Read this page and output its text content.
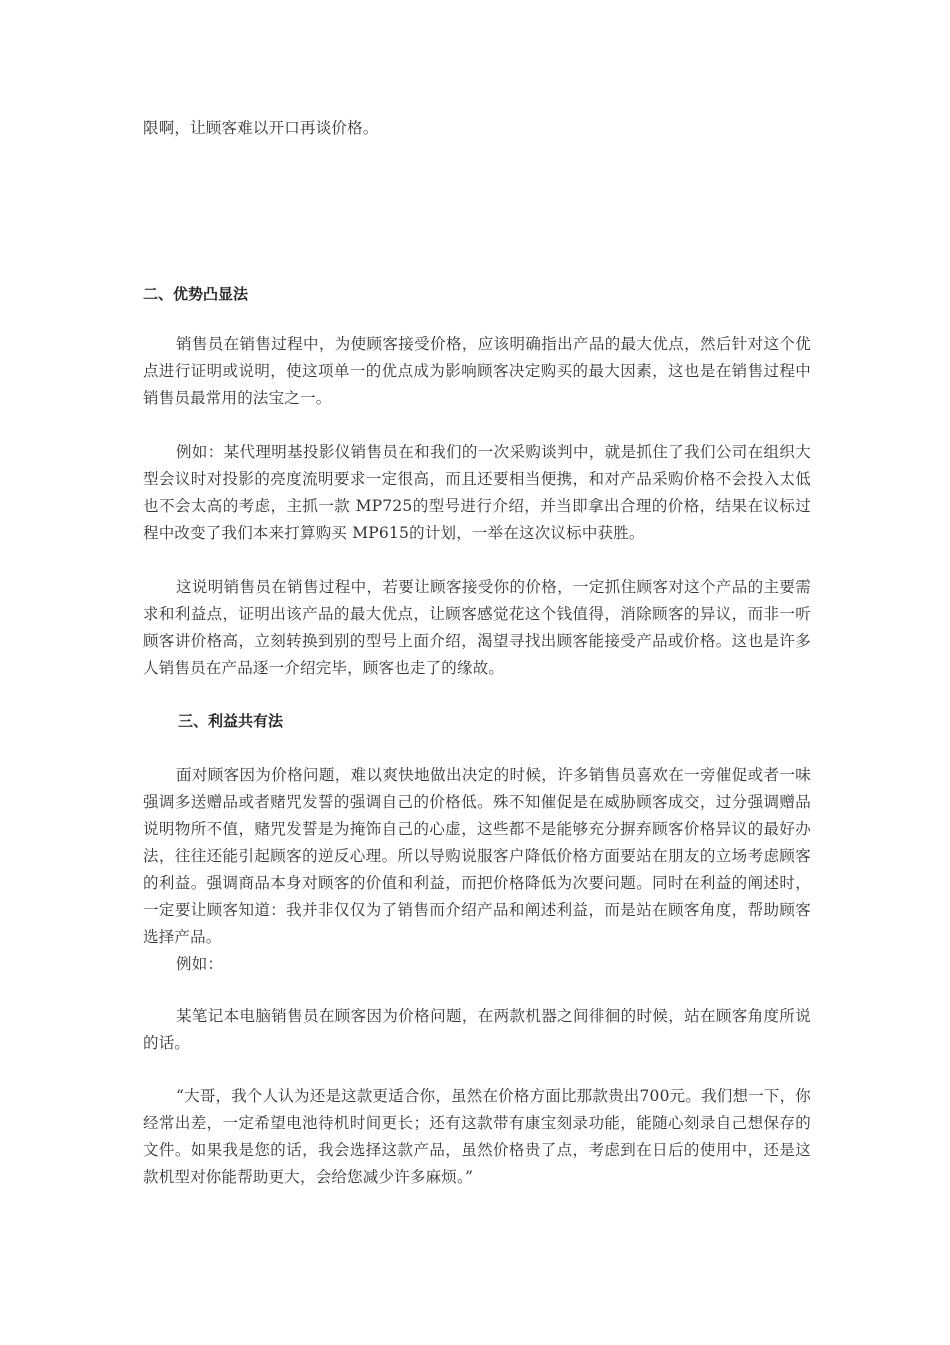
限啊，让顾客难以开口再谈价格。

二、优势凸显法

销售员在销售过程中，为使顾客接受价格，应该明确指出产品的最大优点，然后针对这个优点进行证明或说明，使这项单一的优点成为影响顾客决定购买的最大因素，这也是在销售过程中销售员最常用的法宝之一。

例如：某代理明基投影仪销售员在和我们的一次采购谈判中，就是抓住了我们公司在组织大型会议时对投影的亮度流明要求一定很高，而且还要相当便携，和对产品采购价格不会投入太低也不会太高的考虑，主抓一款 MP725的型号进行介绍，并当即拿出合理的价格，结果在议标过程中改变了我们本来打算购买 MP615的计划，一举在这次议标中获胜。

这说明销售员在销售过程中，若要让顾客接受你的价格，一定抓住顾客对这个产品的主要需求和利益点，证明出该产品的最大优点，让顾客感觉花这个钱值得，消除顾客的异议，而非一听顾客讲价格高，立刻转换到别的型号上面介绍，渴望寻找出顾客能接受产品或价格。这也是许多人销售员在产品逐一介绍完毕，顾客也走了的缘故。

三、利益共有法

面对顾客因为价格问题，难以爽快地做出决定的时候，许多销售员喜欢在一旁催促或者一味强调多送赠品或者赌咒发誓的强调自己的价格低。殊不知催促是在威胁顾客成交，过分强调赠品说明物所不值，赌咒发誓是为掩饰自己的心虚，这些都不是能够充分摒弃顾客价格异议的最好办法，往往还能引起顾客的逆反心理。所以导购说服客户降低价格方面要站在朋友的立场考虑顾客的利益。强调商品本身对顾客的价值和利益，而把价格降低为次要问题。同时在利益的阐述时，一定要让顾客知道：我并非仅仅为了销售而介绍产品和阐述利益，而是站在顾客角度，帮助顾客选择产品。

例如：

某笔记本电脑销售员在顾客因为价格问题，在两款机器之间徘徊的时候，站在顾客角度所说的话。

“大哥，我个人认为还是这款更适合你，虽然在价格方面比那款贵出700元。我们想一下，你经常出差，一定希望电池待机时间更长；还有这款带有康宝刻录功能，能随心刻录自己想保存的文件。如果我是您的话，我会选择这款产品，虽然价格贵了点，考虑到在日后的使用中，还是这款机型对你能帮助更大，会给您减少许多麻烦。”
